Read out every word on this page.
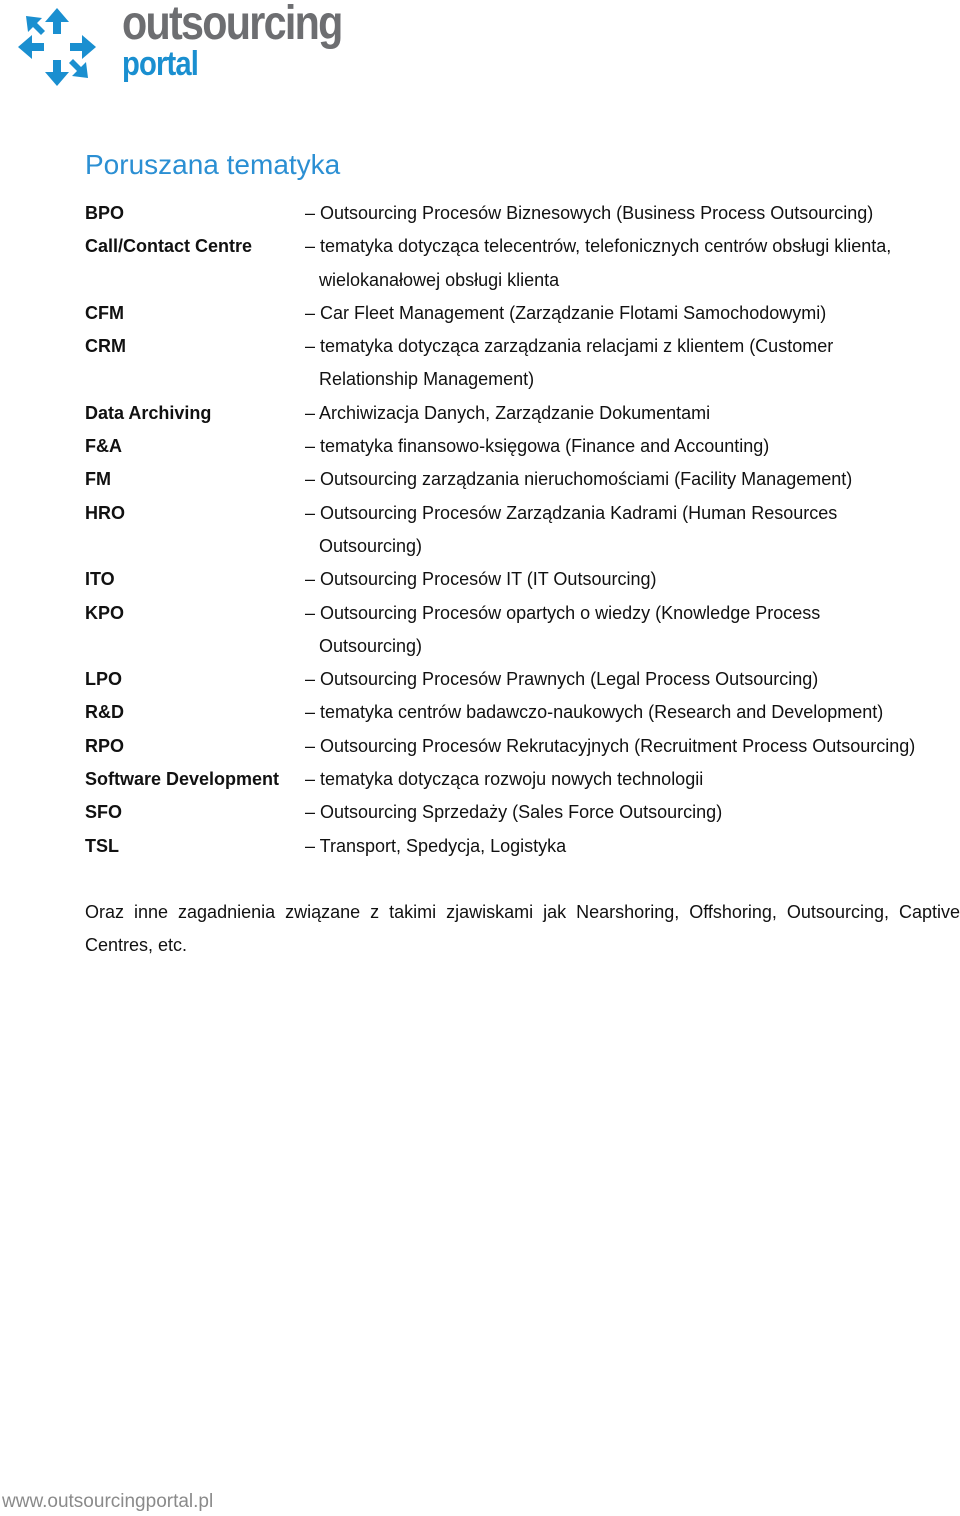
outsourcing
portal
Poruszana tematyka
BPO	– Outsourcing Procesów Biznesowych (Business Process Outsourcing)
Call/Contact Centre	– tematyka dotycząca telecentrów, telefonicznych centrów obsługi klienta,
wielokanałowej obsługi klienta
CFM	– Car Fleet Management (Zarządzanie Flotami Samochodowymi)
CRM	– tematyka dotycząca zarządzania relacjami z klientem (Customer
Relationship Management)
Data Archiving	– Archiwizacja Danych, Zarządzanie Dokumentami
F&A	– tematyka finansowo-księgowa (Finance and Accounting)
FM	– Outsourcing zarządzania nieruchomościami (Facility Management)
HRO	– Outsourcing Procesów Zarządzania Kadrami (Human Resources
Outsourcing)
ITO	– Outsourcing Procesów IT (IT Outsourcing)
KPO	– Outsourcing Procesów opartych o wiedzy (Knowledge Process
Outsourcing)
LPO	– Outsourcing Procesów Prawnych (Legal Process Outsourcing)
R&D	– tematyka centrów badawczo-naukowych (Research and Development)
RPO	– Outsourcing Procesów Rekrutacyjnych (Recruitment Process Outsourcing)
Software Development	– tematyka dotycząca rozwoju nowych technologii
SFO	– Outsourcing Sprzedaży (Sales Force Outsourcing)
TSL	– Transport, Spedycja, Logistyka
Oraz inne zagadnienia związane z takimi zjawiskami jak Nearshoring, Offshoring, Outsourcing, Captive Centres, etc.
www.outsourcingportal.pl
